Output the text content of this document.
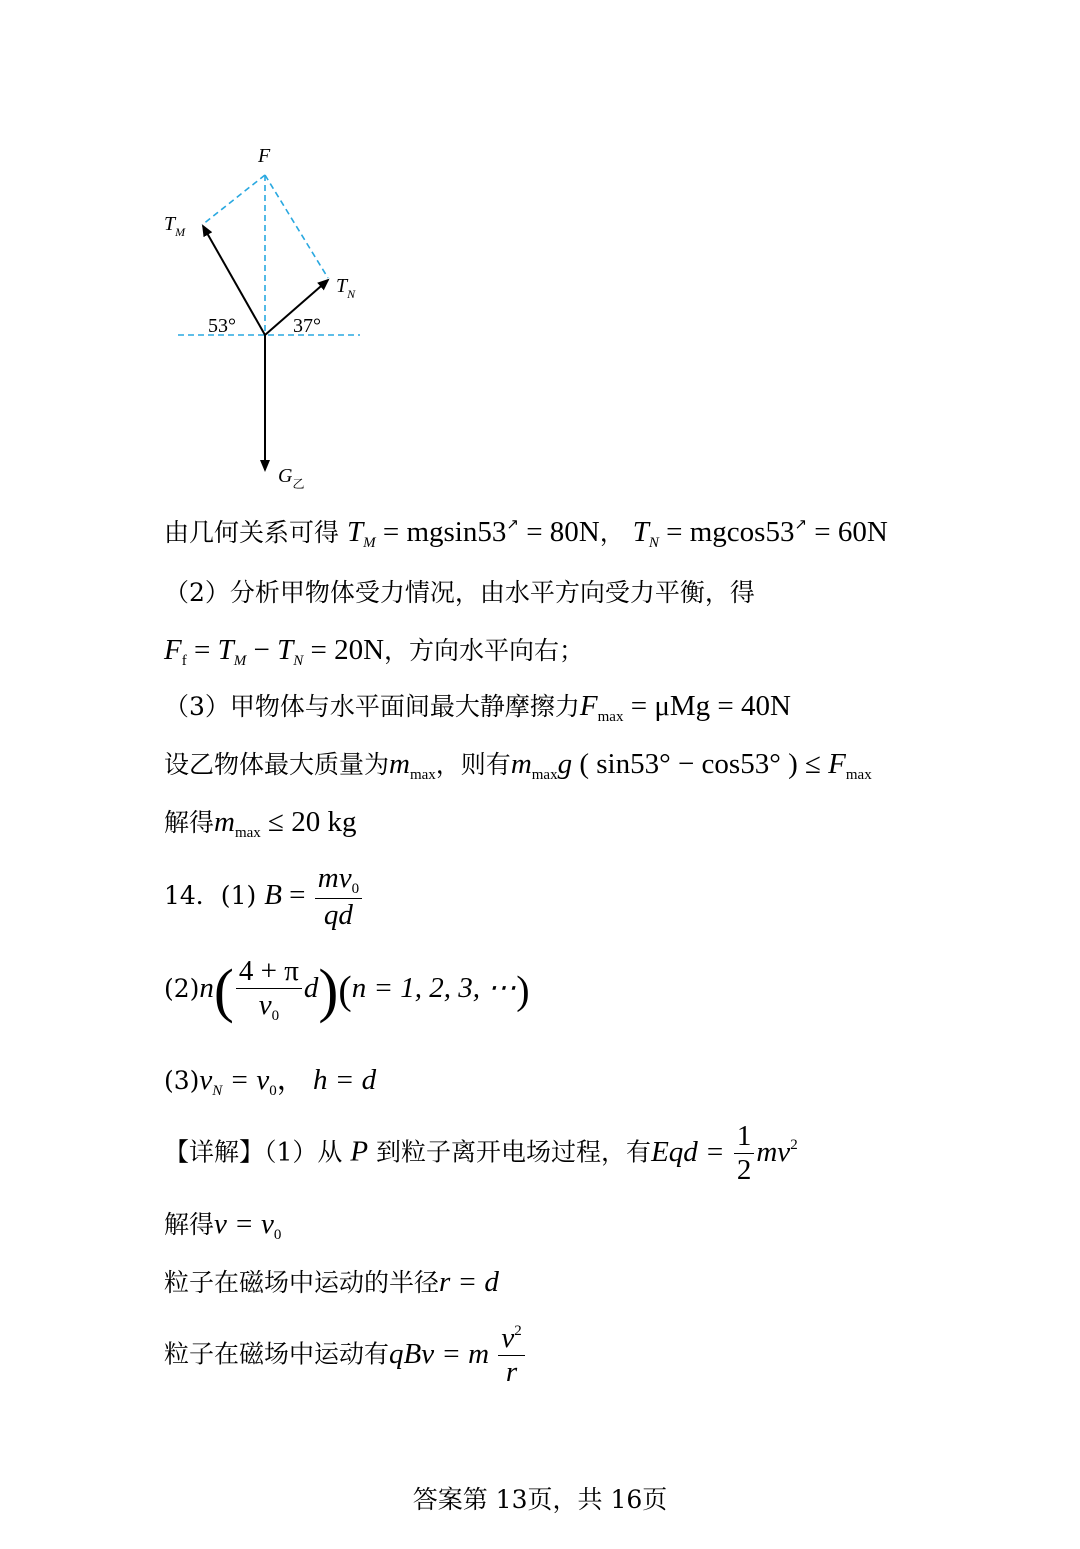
F
$T_M$
$T_N$
53°	37°
$G_乙$
由几何关系可得 $T_M = mgsin53^↗ = 80N$， $T_N = mgcos53^↗ = 60N$
（2）分析甲物体受力情况，由水平方向受力平衡，得
$F_f = T_M - T_N = 20N$，方向水平向右；
（3）甲物体与水平面间最大静摩擦力$F_{max} = \mu Mg = 40N$
设乙物体最大质量为$m_{max}$，则有$m_{max}g$ ( sin53° − cos53° ) ≤ $F_{max}$
解得$m_{max} \le 20$ kg
14．(1) $B = \frac{mv_0}{qd}$
$(2)n( \frac{4 + \pi}{v_0} d)(n = 1$, 2, 3, ⋯)
$(3)v_N = v_0$， h = d
【详解】（1）从 P 到粒子离开电场过程，有Eqd = $\frac{1}{2} mv^2$
解得$v = v_0$
粒子在磁场中运动的半径r = d
粒子在磁场中运动有qBv = m $\frac{v^2}{r}$
答案第 13页，共 16页
